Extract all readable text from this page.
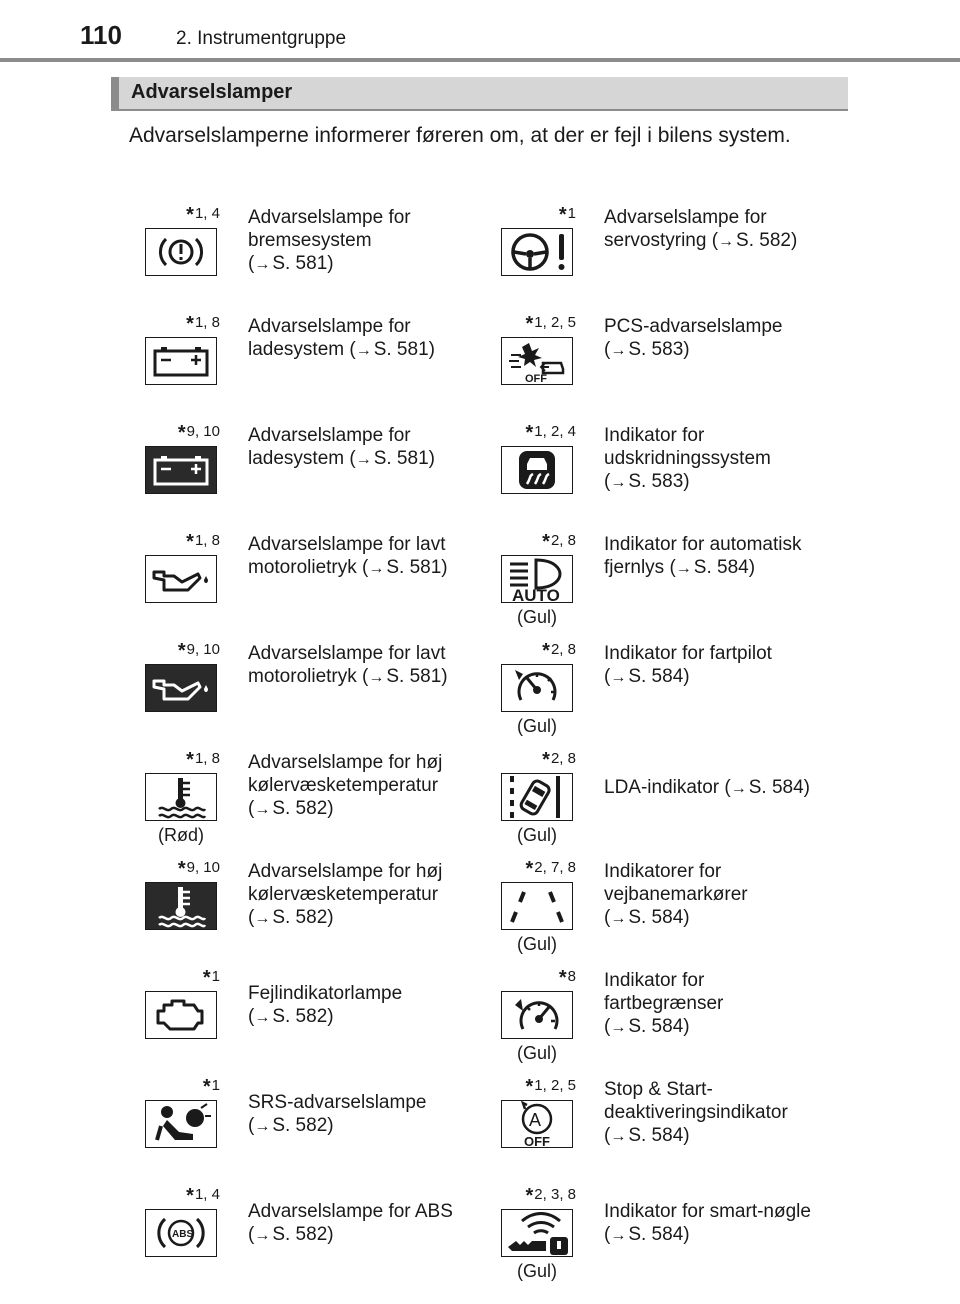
110	2. Instrumentgruppe
Advarselslamper
Advarselslamperne informerer føreren om, at der er fejl i bilens system.
*1, 4 Advarselslampe for
bremsesystem
(→ S. 581)
*1 Advarselslampe for
servostyring (→ S. 582)
*1, 8 Advarselslampe for
ladesystem (→ S. 581)
*1, 2, 5
OFF
PCS-advarselslampe
(→ S. 583)
*9, 10 Advarselslampe for
ladesystem (→ S. 581)
*1, 2, 4 Indikator for
udskridningssystem
(→ S. 583)
*1, 8 Advarselslampe for lavt
motorolietryk (→ S. 581)
*2, 8
AUTO
(Gul)
Indikator for automatisk
fjernlys (→ S. 584)
*9, 10 Advarselslampe for lavt
motorolietryk (→ S. 581)
*2, 8
(Gul)
Indikator for fartpilot
(→ S. 584)
*1, 8
(Rød)
Advarselslampe for høj
kølervæsketemperatur
(→ S. 582)
*2, 8
(Gul)
LDA-indikator (→ S. 584)
*9, 10 Advarselslampe for høj
kølervæsketemperatur
(→ S. 582)
*2, 7, 8
(Gul)
Indikatorer for
vejbanemarkører
(→ S. 584)
*1
Fejlindikatorlampe
(→ S. 582)
*8
(Gul)
Indikator for
fartbegrænser
(→ S. 584)
*1
SRS-advarselslampe
(→ S. 582)
*1, 2, 5
A
OFF
Stop & Start-
deaktiveringsindikator
(→ S. 584)
*1, 4
ABS
Advarselslampe for ABS
(→ S. 582)
*2, 3, 8
(Gul)
Indikator for smart-nøgle
(→ S. 584)
